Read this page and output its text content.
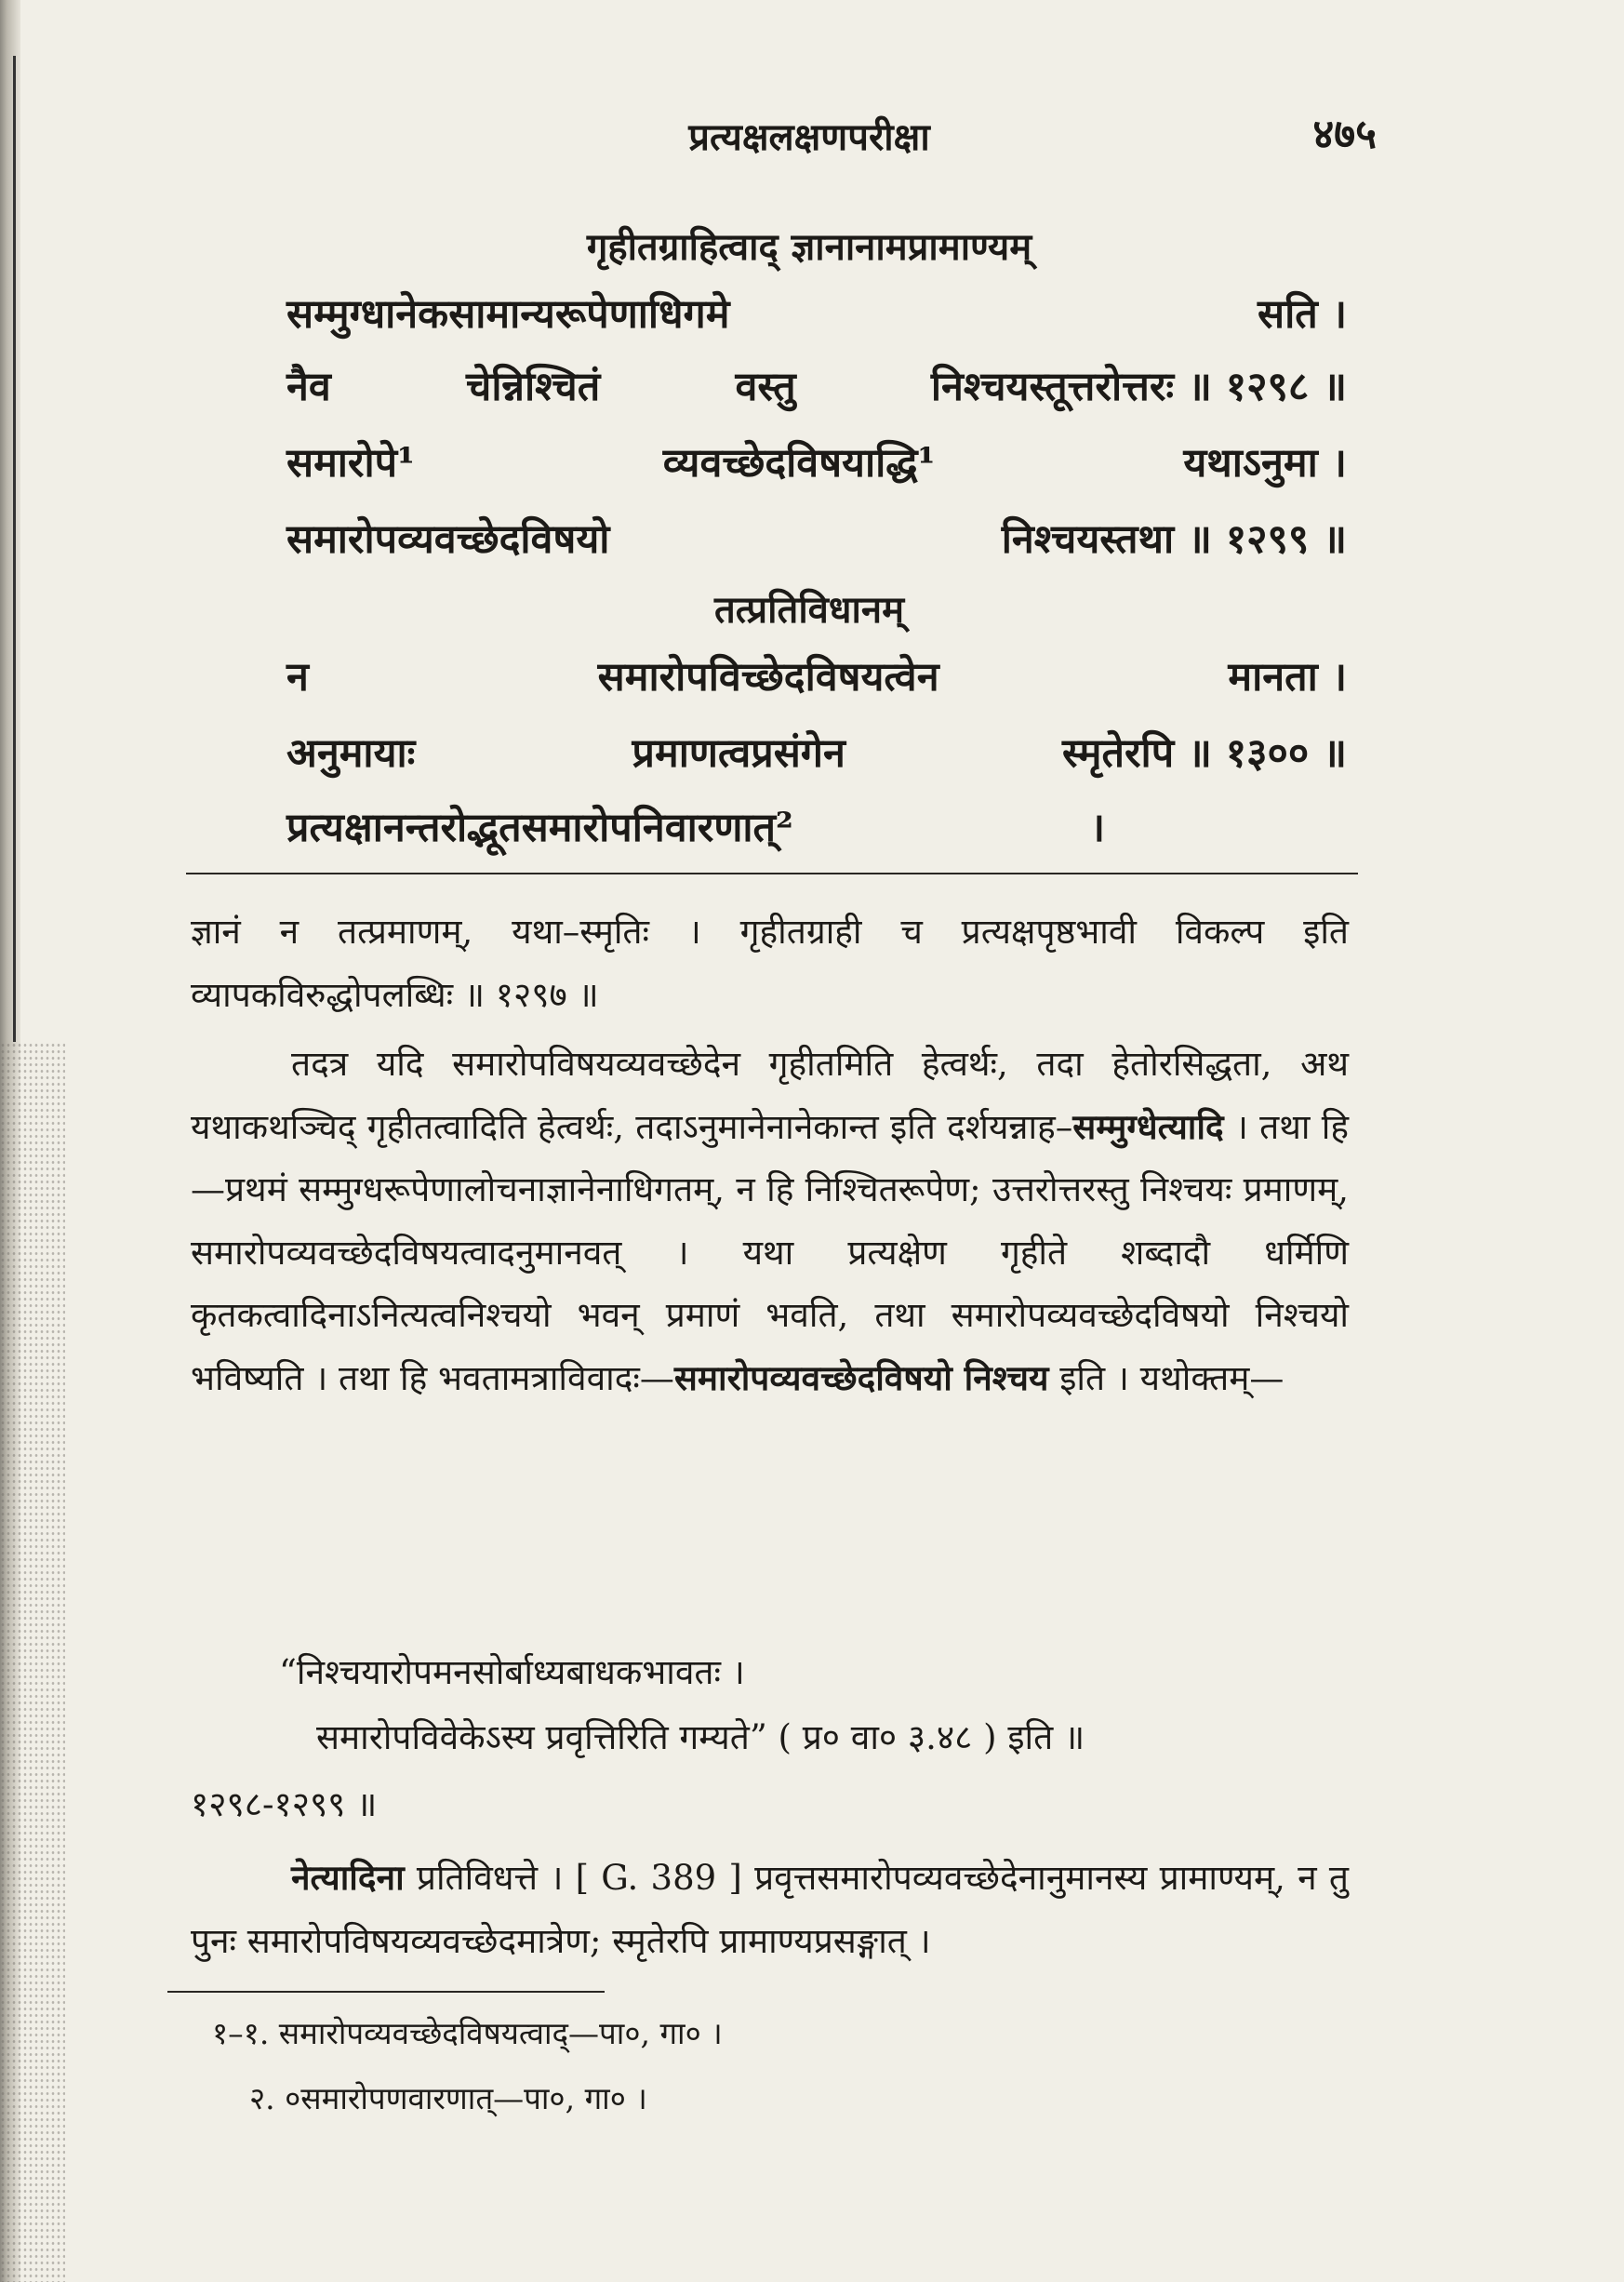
प्रत्यक्षलक्षणपरीक्षा	४७५
गृहीतग्राहित्वाद् ज्ञानानामप्रामाण्यम्
सम्मुग्धानेकसामान्यरूपेणाधिगमे	सति ।
नैव	चेन्निश्चितं	वस्तु	निश्चयस्तूत्तरोत्तरः ॥ १२९८ ॥
समारोपे¹	व्यवच्छेदविषयाद्धि¹	यथाऽनुमा ।
समारोपव्यवच्छेदविषयो	निश्चयस्तथा ॥ १२९९ ॥
तत्प्रतिविधानम्
न	समारोपविच्छेदविषयत्वेन	मानता ।
अनुमायाः	प्रमाणत्वप्रसंगेन	स्मृतेरपि ॥ १३०० ॥
प्रत्यक्षानन्तरोद्भूतसमारोपनिवारणात्²	।
ज्ञानं न तत्प्रमाणम्, यथा–स्मृतिः । गृहीतग्राही च प्रत्यक्षपृष्ठभावी विकल्प इति
व्यापकविरुद्धोपलब्धिः ॥ १२९७ ॥
तदत्र यदि समारोपविषयव्यवच्छेदेन गृहीतमिति हेत्वर्थः, तदा हेतोरसिद्धता, अथ यथाकथञ्चिद् गृहीतत्वादिति हेत्वर्थः, तदाऽनुमानेनानेकान्त इति दर्शयन्नाह–सम्मुग्धेत्यादि । तथा हि—प्रथमं सम्मुग्धरूपेणालोचनाज्ञानेनाधिगतम्, न हि निश्चितरूपेण; उत्तरोत्तरस्तु निश्चयः प्रमाणम्, समारोपव्यवच्छेदविषयत्वादनुमानवत् । यथा प्रत्यक्षेण गृहीते शब्दादौ धर्मिणि कृतकत्वादिनाऽनित्यत्वनिश्चयो भवन् प्रमाणं भवति, तथा समारोपव्यवच्छेदविषयो निश्चयो भविष्यति । तथा हि भवतामत्राविवादः—समारोपव्यवच्छेदविषयो निश्चय इति । यथोक्तम्—
“निश्चयारोपमनसोर्बाध्यबाधकभावतः ।
समारोपविवेकेऽस्य प्रवृत्तिरिति गम्यते” ( प्र० वा० ३.४८ ) इति ॥
१२९८-१२९९ ॥
नेत्यादिना प्रतिविधत्ते । [ G. 389 ] प्रवृत्तसमारोपव्यवच्छेदेनानुमानस्य प्रामाण्यम्, न तु पुनः समारोपविषयव्यवच्छेदमात्रेण; स्मृतेरपि प्रामाण्यप्रसङ्गात् ।
१–१. समारोपव्यवच्छेदविषयत्वाद्—पा०, गा० ।
२. ०समारोपणवारणात्—पा०, गा० ।
